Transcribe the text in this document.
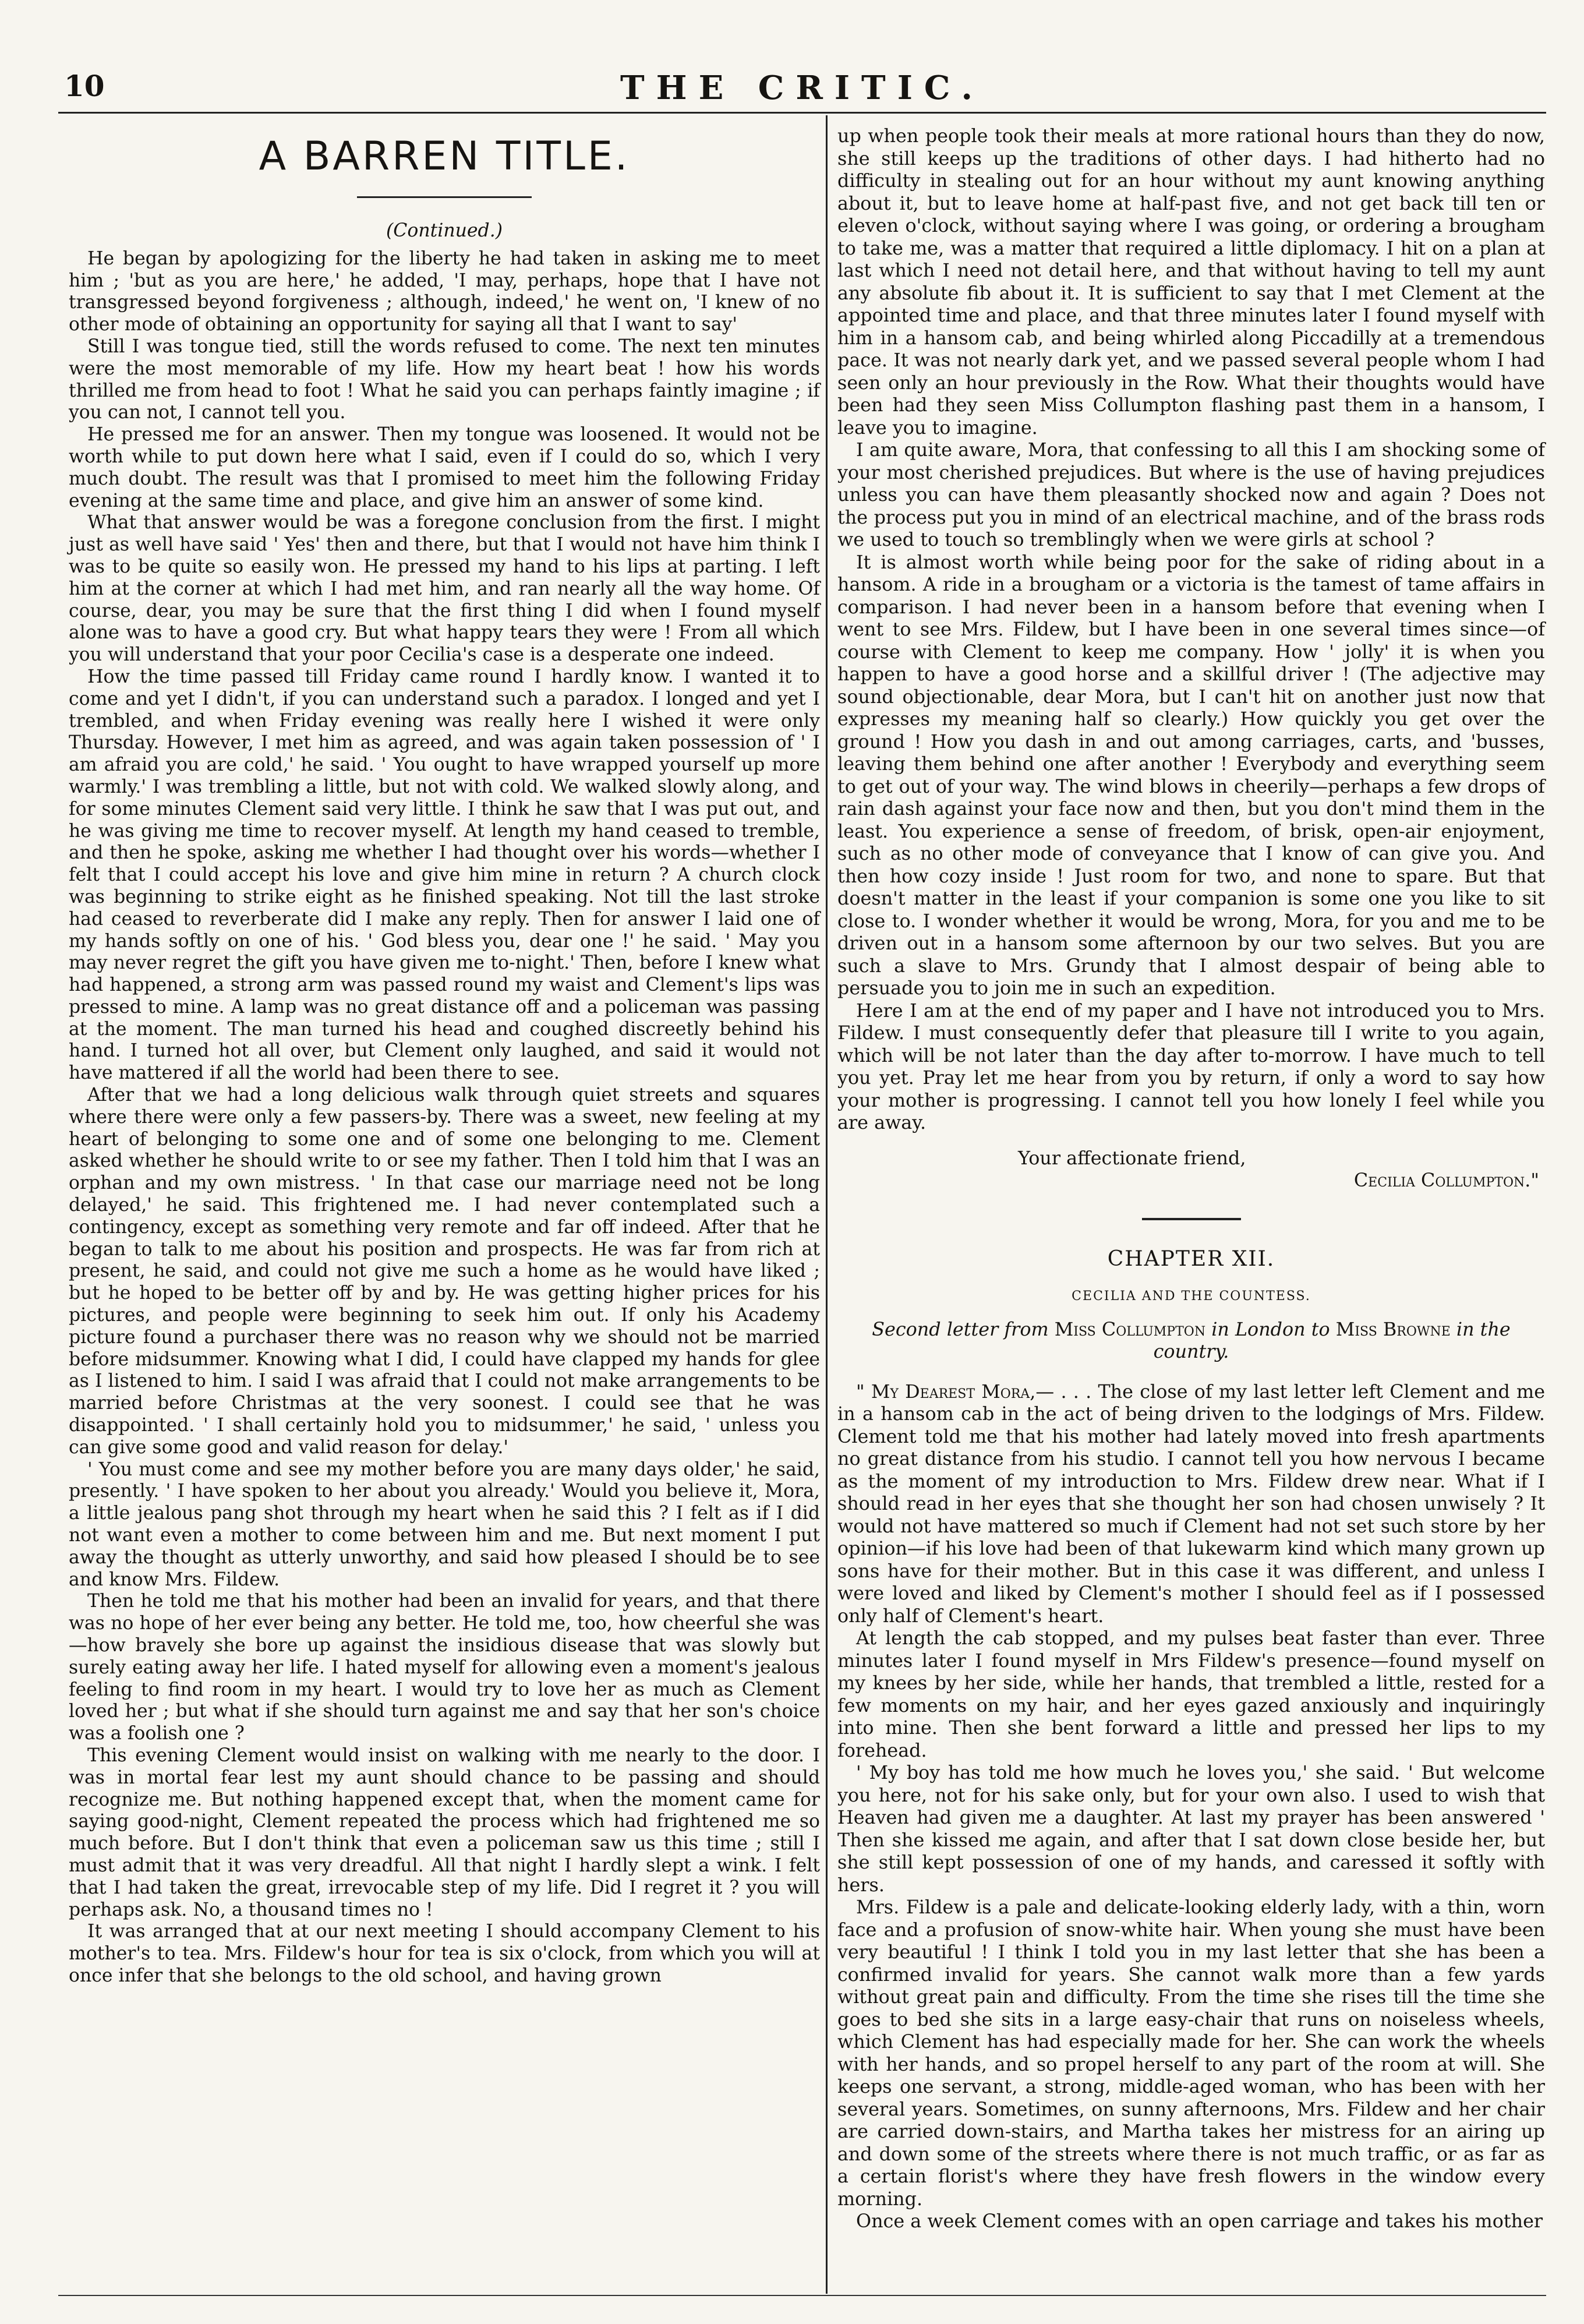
10	THE CRITIC.
A BARREN TITLE.

(Continued.)

He began by apologizing for the liberty he had taken in asking me to meet him ; 'but as you are here,' he added, 'I may, perhaps, hope that I have not transgressed beyond forgiveness ; although, indeed,' he went on, 'I knew of no other mode of obtaining an opportunity for saying all that I want to say'

Still I was tongue tied, still the words refused to come. The next ten minutes were the most memorable of my life. How my heart beat ! how his words thrilled me from head to foot ! What he said you can perhaps faintly imagine ; if you can not, I cannot tell you.

He pressed me for an answer. Then my tongue was loosened. It would not be worth while to put down here what I said, even if I could do so, which I very much doubt. The result was that I promised to meet him the following Friday evening at the same time and place, and give him an answer of some kind.

What that answer would be was a foregone conclusion from the first. I might just as well have said ' Yes' then and there, but that I would not have him think I was to be quite so easily won. He pressed my hand to his lips at parting. I left him at the corner at which I had met him, and ran nearly all the way home. Of course, dear, you may be sure that the first thing I did when I found myself alone was to have a good cry. But what happy tears they were ! From all which you will understand that your poor Cecilia's case is a desperate one indeed.

How the time passed till Friday came round I hardly know. I wanted it to come and yet I didn't, if you can understand such a paradox. I longed and yet I trembled, and when Friday evening was really here I wished it were only Thursday. However, I met him as agreed, and was again taken possession of ' I am afraid you are cold,' he said. ' You ought to have wrapped yourself up more warmly.' I was trembling a little, but not with cold. We walked slowly along, and for some minutes Clement said very little. I think he saw that I was put out, and he was giving me time to recover myself. At length my hand ceased to tremble, and then he spoke, asking me whether I had thought over his words—whether I felt that I could accept his love and give him mine in return ? A church clock was beginning to strike eight as he finished speaking. Not till the last stroke had ceased to reverberate did I make any reply. Then for answer I laid one of my hands softly on one of his. ' God bless you, dear one !' he said. ' May you may never regret the gift you have given me to-night.' Then, before I knew what had happened, a strong arm was passed round my waist and Clement's lips was pressed to mine. A lamp was no great distance off and a policeman was passing at the moment. The man turned his head and coughed discreetly behind his hand. I turned hot all over, but Clement only laughed, and said it would not have mattered if all the world had been there to see.

After that we had a long delicious walk through quiet streets and squares where there were only a few passers-by. There was a sweet, new feeling at my heart of belonging to some one and of some one belonging to me. Clement asked whether he should write to or see my father. Then I told him that I was an orphan and my own mistress. ' In that case our marriage need not be long delayed,' he said. This frightened me. I had never contemplated such a contingency, except as something very remote and far off indeed. After that he began to talk to me about his position and prospects. He was far from rich at present, he said, and could not give me such a home as he would have liked ; but he hoped to be better off by and by. He was getting higher prices for his pictures, and people were beginning to seek him out. If only his Academy picture found a purchaser there was no reason why we should not be married before midsummer. Knowing what I did, I could have clapped my hands for glee as I listened to him. I said I was afraid that I could not make arrangements to be married before Christmas at the very soonest. I could see that he was disappointed. ' I shall certainly hold you to midsummer,' he said, ' unless you can give some good and valid reason for delay.'

' You must come and see my mother before you are many days older,' he said, presently. ' I have spoken to her about you already.' Would you believe it, Mora, a little jealous pang shot through my heart when he said this ? I felt as if I did not want even a mother to come between him and me. But next moment I put away the thought as utterly unworthy, and said how pleased I should be to see and know Mrs. Fildew.

Then he told me that his mother had been an invalid for years, and that there was no hope of her ever being any better. He told me, too, how cheerful she was—how bravely she bore up against the insidious disease that was slowly but surely eating away her life. I hated myself for allowing even a moment's jealous feeling to find room in my heart. I would try to love her as much as Clement loved her ; but what if she should turn against me and say that her son's choice was a foolish one ?

This evening Clement would insist on walking with me nearly to the door. I was in mortal fear lest my aunt should chance to be passing and should recognize me. But nothing happened except that, when the moment came for saying good-night, Clement repeated the process which had frightened me so much before. But I don't think that even a policeman saw us this time ; still I must admit that it was very dreadful. All that night I hardly slept a wink. I felt that I had taken the great, irrevocable step of my life. Did I regret it ? you will perhaps ask. No, a thousand times no !

It was arranged that at our next meeting I should accompany Clement to his mother's to tea. Mrs. Fildew's hour for tea is six o'clock, from which you will at once infer that she belongs to the old school, and having grown

up when people took their meals at more rational hours than they do now, she still keeps up the traditions of other days. I had hitherto had no difficulty in stealing out for an hour without my aunt knowing anything about it, but to leave home at half-past five, and not get back till ten or eleven o'clock, without saying where I was going, or ordering a brougham to take me, was a matter that required a little diplomacy. I hit on a plan at last which I need not detail here, and that without having to tell my aunt any absolute fib about it. It is sufficient to say that I met Clement at the appointed time and place, and that three minutes later I found myself with him in a hansom cab, and being whirled along Piccadilly at a tremendous pace. It was not nearly dark yet, and we passed several people whom I had seen only an hour previously in the Row. What their thoughts would have been had they seen Miss Collumpton flashing past them in a hansom, I leave you to imagine.

I am quite aware, Mora, that confessing to all this I am shocking some of your most cherished prejudices. But where is the use of having prejudices unless you can have them pleasantly shocked now and again ? Does not the process put you in mind of an electrical machine, and of the brass rods we used to touch so tremblingly when we were girls at school ?

It is almost worth while being poor for the sake of riding about in a hansom. A ride in a brougham or a victoria is the tamest of tame affairs in comparison. I had never been in a hansom before that evening when I went to see Mrs. Fildew, but I have been in one several times since—of course with Clement to keep me company. How ' jolly' it is when you happen to have a good horse and a skillful driver ! (The adjective may sound objectionable, dear Mora, but I can't hit on another just now that expresses my meaning half so clearly.) How quickly you get over the ground ! How you dash in and out among carriages, carts, and 'busses, leaving them behind one after another ! Everybody and everything seem to get out of your way. The wind blows in cheerily—perhaps a few drops of rain dash against your face now and then, but you don't mind them in the least. You experience a sense of freedom, of brisk, open-air enjoyment, such as no other mode of conveyance that I know of can give you. And then how cozy inside ! Just room for two, and none to spare. But that doesn't matter in the least if your companion is some one you like to sit close to. I wonder whether it would be wrong, Mora, for you and me to be driven out in a hansom some afternoon by our two selves. But you are such a slave to Mrs. Grundy that I almost despair of being able to persuade you to join me in such an expedition.

Here I am at the end of my paper and I have not introduced you to Mrs. Fildew. I must consequently defer that pleasure till I write to you again, which will be not later than the day after to-morrow. I have much to tell you yet. Pray let me hear from you by return, if only a word to say how your mother is progressing. I cannot tell you how lonely I feel while you are away.

Your affectionate friend,

Cecilia Collumpton."

CHAPTER XII.

CECILIA AND THE COUNTESS.

Second letter from Miss Collumpton in London to Miss Browne in the country.

" My Dearest Mora,— . . . The close of my last letter left Clement and me in a hansom cab in the act of being driven to the lodgings of Mrs. Fildew. Clement told me that his mother had lately moved into fresh apartments no great distance from his studio. I cannot tell you how nervous I became as the moment of my introduction to Mrs. Fildew drew near. What if I should read in her eyes that she thought her son had chosen unwisely ? It would not have mattered so much if Clement had not set such store by her opinion—if his love had been of that lukewarm kind which many grown up sons have for their mother. But in this case it was different, and unless I were loved and liked by Clement's mother I should feel as if I possessed only half of Clement's heart.

At length the cab stopped, and my pulses beat faster than ever. Three minutes later I found myself in Mrs Fildew's presence—found myself on my knees by her side, while her hands, that trembled a little, rested for a few moments on my hair, and her eyes gazed anxiously and inquiringly into mine. Then she bent forward a little and pressed her lips to my forehead.

' My boy has told me how much he loves you,' she said. ' But welcome you here, not for his sake only, but for your own also. I used to wish that Heaven had given me a daughter. At last my prayer has been answered ' Then she kissed me again, and after that I sat down close beside her, but she still kept possession of one of my hands, and caressed it softly with hers.

Mrs. Fildew is a pale and delicate-looking elderly lady, with a thin, worn face and a profusion of snow-white hair. When young she must have been very beautiful ! I think I told you in my last letter that she has been a confirmed invalid for years. She cannot walk more than a few yards without great pain and difficulty. From the time she rises till the time she goes to bed she sits in a large easy-chair that runs on noiseless wheels, which Clement has had especially made for her. She can work the wheels with her hands, and so propel herself to any part of the room at will. She keeps one servant, a strong, middle-aged woman, who has been with her several years. Sometimes, on sunny afternoons, Mrs. Fildew and her chair are carried down-stairs, and Martha takes her mistress for an airing up and down some of the streets where there is not much traffic, or as far as a certain florist's where they have fresh flowers in the window every morning.

Once a week Clement comes with an open carriage and takes his mother
